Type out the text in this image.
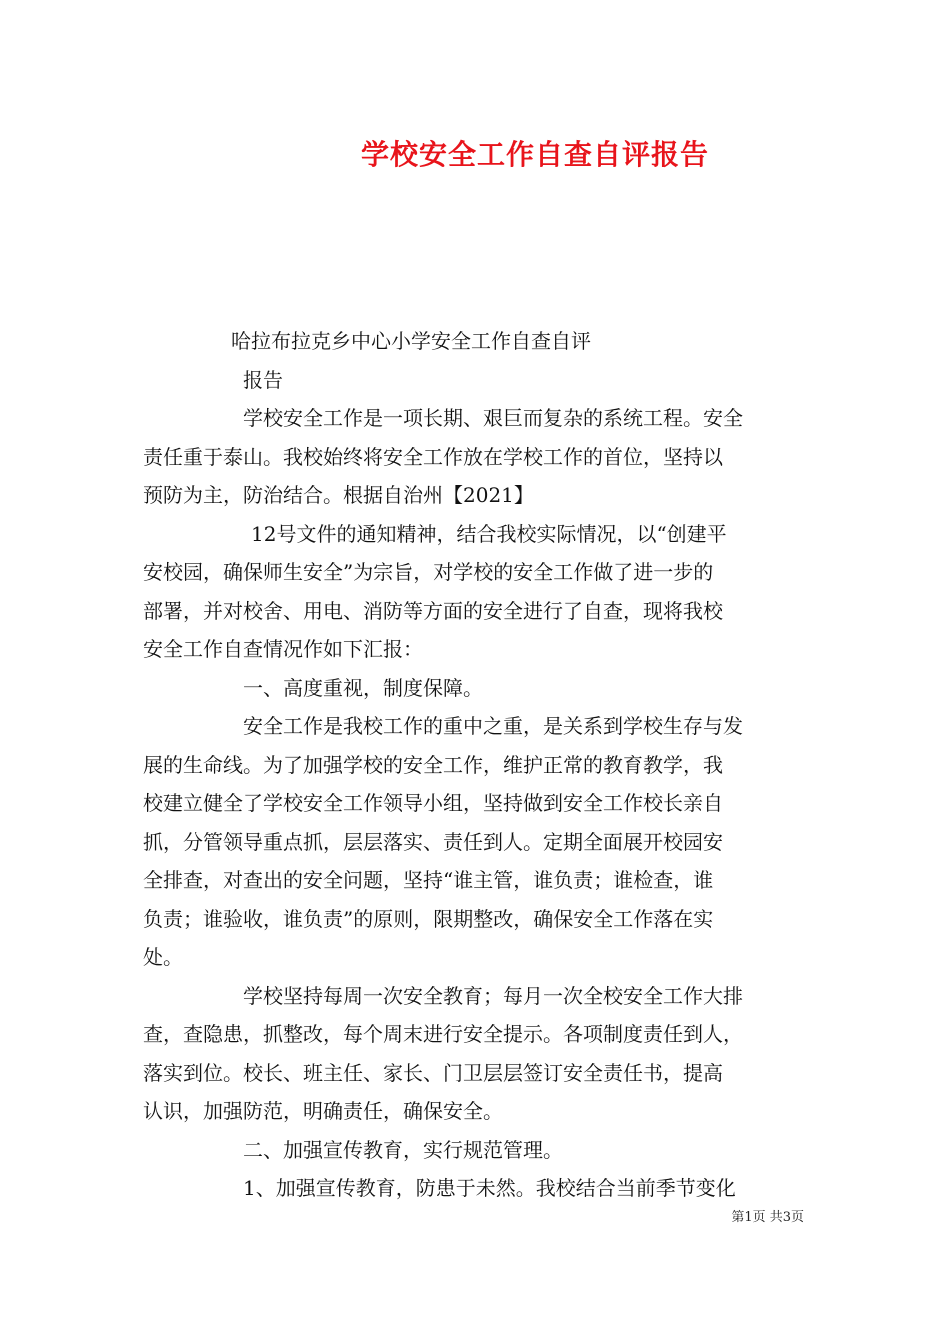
学校安全工作自查自评报告
哈拉布拉克乡中心小学安全工作自查自评
报告
学校安全工作是一项长期、艰巨而复杂的系统工程。安全
责任重于泰山。我校始终将安全工作放在学校工作的首位，坚持以
预防为主，防治结合。根据自治州【2021】
12号文件的通知精神，结合我校实际情况，以“创建平
安校园，确保师生安全”为宗旨，对学校的安全工作做了进一步的
部署，并对校舍、用电、消防等方面的安全进行了自查，现将我校
安全工作自查情况作如下汇报：
一、高度重视，制度保障。
安全工作是我校工作的重中之重，是关系到学校生存与发
展的生命线。为了加强学校的安全工作，维护正常的教育教学，我
校建立健全了学校安全工作领导小组，坚持做到安全工作校长亲自
抓，分管领导重点抓，层层落实、责任到人。定期全面展开校园安
全排查，对查出的安全问题，坚持“谁主管，谁负责；谁检查，谁
负责；谁验收，谁负责”的原则，限期整改，确保安全工作落在实
处。
学校坚持每周一次安全教育；每月一次全校安全工作大排
查，查隐患，抓整改，每个周末进行安全提示。各项制度责任到人，
落实到位。校长、班主任、家长、门卫层层签订安全责任书，提高
认识，加强防范，明确责任，确保安全。
二、加强宣传教育，实行规范管理。
1、加强宣传教育，防患于未然。我校结合当前季节变化
第1页 共3页
